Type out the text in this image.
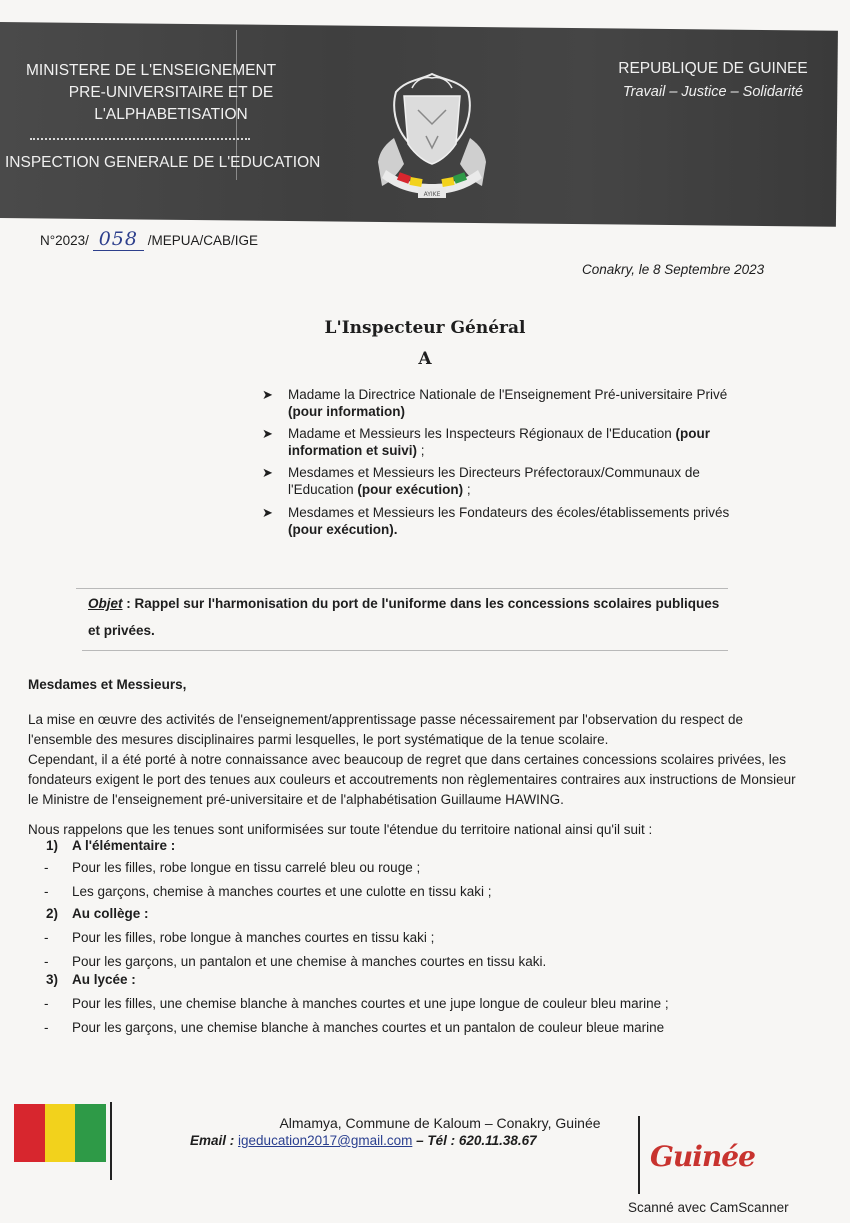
MINISTERE DE L'ENSEIGNEMENT
PRE-UNIVERSITAIRE ET DE
L'ALPHABETISATION
INSPECTION GENERALE DE L'EDUCATION
AYIKE
REPUBLIQUE DE GUINEE
Travail – Justice – Solidarité
N°2023/ 058 /MEPUA/CAB/IGE
Conakry, le 8 Septembre 2023
L'Inspecteur Général
A
➤ Madame la Directrice Nationale de l'Enseignement Pré-universitaire Privé
(pour information)
➤ Madame et Messieurs les Inspecteurs Régionaux de l'Education (pour information et suivi) ;
➤ Mesdames et Messieurs les Directeurs Préfectoraux/Communaux de l'Education (pour exécution) ;
➤ Mesdames et Messieurs les Fondateurs des écoles/établissements privés
(pour exécution).
Objet : Rappel sur l'harmonisation du port de l'uniforme dans les concessions scolaires publiques et privées.
Mesdames et Messieurs,

La mise en œuvre des activités de l'enseignement/apprentissage passe nécessairement par l'observation du respect de l'ensemble des mesures disciplinaires parmi lesquelles, le port systématique de la tenue scolaire.

Cependant, il a été porté à notre connaissance avec beaucoup de regret que dans certaines concessions scolaires privées, les fondateurs exigent le port des tenues aux couleurs et accoutrements non règlementaires contraires aux instructions de Monsieur le Ministre de l'enseignement pré-universitaire et de l'alphabétisation Guillaume HAWING.

Nous rappelons que les tenues sont uniformisées sur toute l'étendue du territoire national ainsi qu'il suit :

1) A l'élémentaire :
- Pour les filles, robe longue en tissu carrelé bleu ou rouge ;
- Les garçons, chemise à manches courtes et une culotte en tissu kaki ;
2) Au collège :
- Pour les filles, robe longue à manches courtes en tissu kaki ;
- Pour les garçons, un pantalon et une chemise à manches courtes en tissu kaki.
3) Au lycée :
- Pour les filles, une chemise blanche à manches courtes et une jupe longue de couleur bleu marine ;
- Pour les garçons, une chemise blanche à manches courtes et un pantalon de couleur bleue marine
Almamya, Commune de Kaloum – Conakry, Guinée
Email : igeducation2017@gmail.com – Tél : 620.11.38.67	Guinée
Scanné avec CamScanner
